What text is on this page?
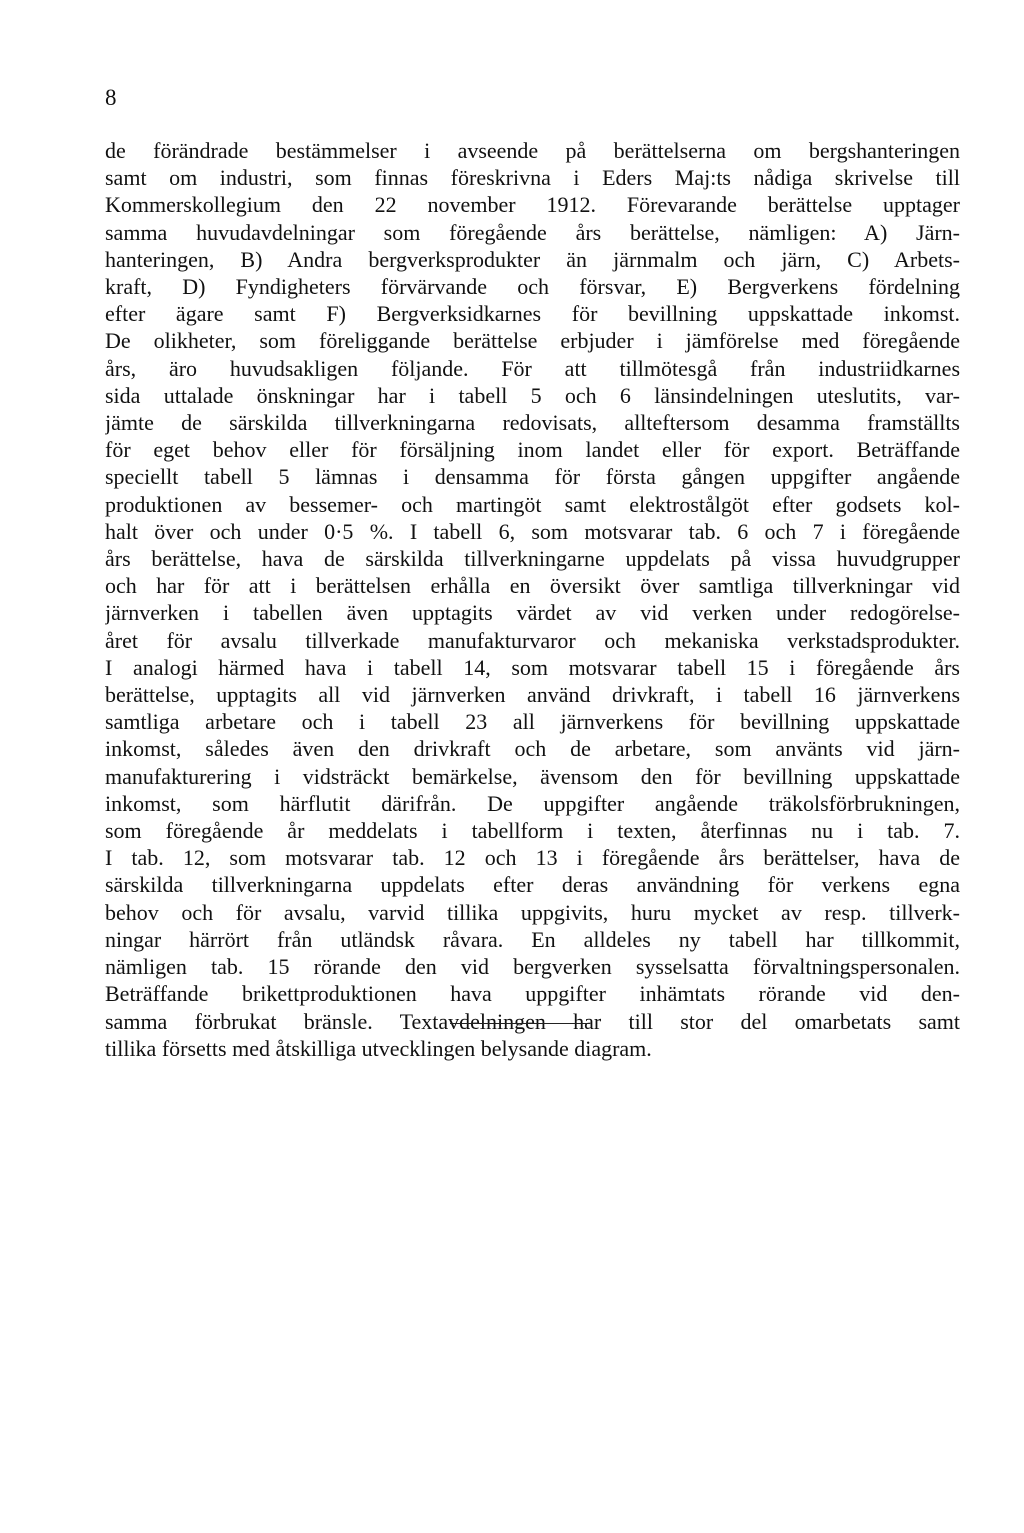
8
de förändrade bestämmelser i avseende på berättelserna om bergshanteringen
samt om industri, som finnas föreskrivna i Eders Maj:ts nådiga skrivelse till
Kommerskollegium den 22 november 1912. Förevarande berättelse upptager
samma huvudavdelningar som föregående års berättelse, nämligen: A) Järn-
hanteringen, B) Andra bergverksprodukter än järnmalm och järn, C) Arbets-
kraft, D) Fyndigheters förvärvande och försvar, E) Bergverkens fördelning
efter ägare samt F) Bergverksidkarnes för bevillning uppskattade inkomst.
De olikheter, som föreliggande berättelse erbjuder i jämförelse med föregående
års, äro huvudsakligen följande. För att tillmötesgå från industriidkarnes
sida uttalade önskningar har i tabell 5 och 6 länsindelningen uteslutits, var-
jämte de särskilda tillverkningarna redovisats, allteftersom desamma framställts
för eget behov eller för försäljning inom landet eller för export. Beträffande
speciellt tabell 5 lämnas i densamma för första gången uppgifter angående
produktionen av bessemer- och martingöt samt elektrostålgöt efter godsets kol-
halt över och under 0·5 %. I tabell 6, som motsvarar tab. 6 och 7 i föregående
års berättelse, hava de särskilda tillverkningarne uppdelats på vissa huvudgrupper
och har för att i berättelsen erhålla en översikt över samtliga tillverkningar vid
järnverken i tabellen även upptagits värdet av vid verken under redogörelse-
året för avsalu tillverkade manufakturvaror och mekaniska verkstadsprodukter.
I analogi härmed hava i tabell 14, som motsvarar tabell 15 i föregående års
berättelse, upptagits all vid järnverken använd drivkraft, i tabell 16 järnverkens
samtliga arbetare och i tabell 23 all järnverkens för bevillning uppskattade
inkomst, således även den drivkraft och de arbetare, som använts vid järn-
manufakturering i vidsträckt bemärkelse, ävensom den för bevillning uppskattade
inkomst, som härflutit därifrån. De uppgifter angående träkolsförbrukningen,
som föregående år meddelats i tabellform i texten, återfinnas nu i tab. 7.
I tab. 12, som motsvarar tab. 12 och 13 i föregående års berättelser, hava de
särskilda tillverkningarna uppdelats efter deras användning för verkens egna
behov och för avsalu, varvid tillika uppgivits, huru mycket av resp. tillverk-
ningar härrört från utländsk råvara. En alldeles ny tabell har tillkommit,
nämligen tab. 15 rörande den vid bergverken sysselsatta förvaltningspersonalen.
Beträffande brikettproduktionen hava uppgifter inhämtats rörande vid den-
samma förbrukat bränsle. Textavdelningen har till stor del omarbetats samt
tillika försetts med åtskilliga utvecklingen belysande diagram.
